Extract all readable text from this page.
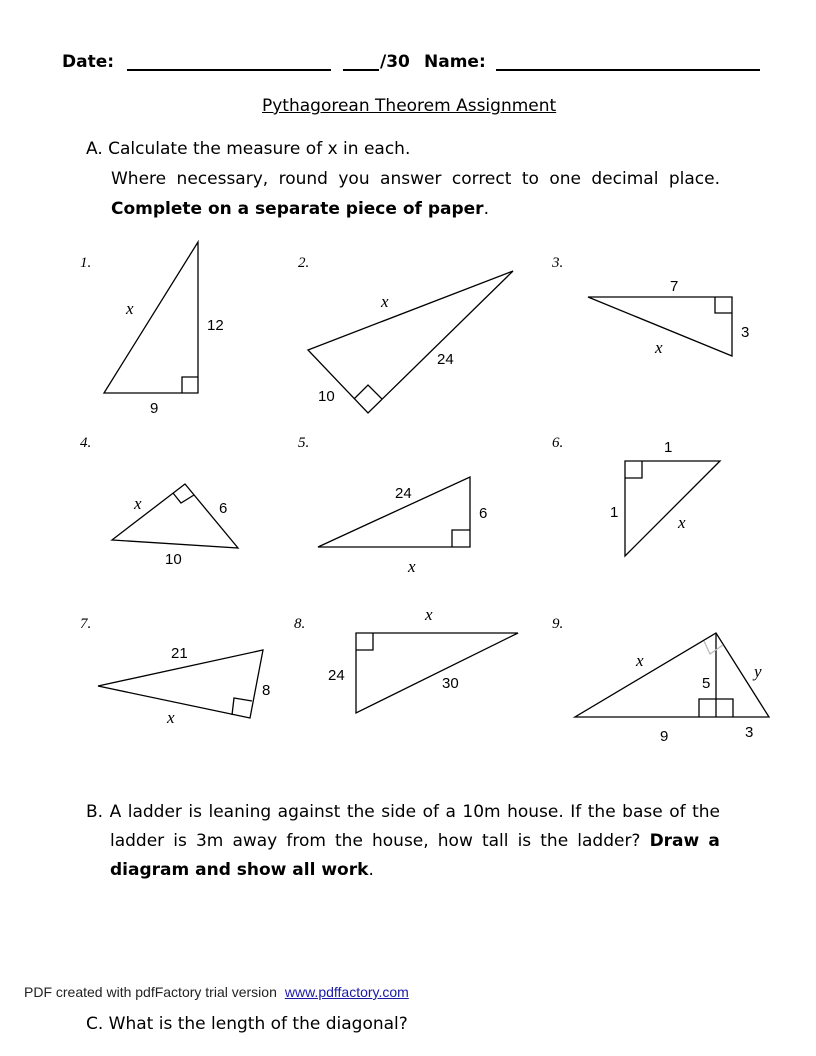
Date:	/30 Name:
Pythagorean Theorem Assignment
A. Calculate the measure of x in each.
Where necessary, round you answer correct to one decimal place.
Complete on a separate piece of paper.
1.	2.	3.
4.	5.	6.
7.	8.	9.
x
12
9
x
24
10
7
3
x
x	6
10
24
6
x
1
1
x
21
8
x
x
24	30
x
y
5
9	3
B. A ladder is leaning against the side of a 10m house. If the base of the
ladder is 3m away from the house, how tall is the ladder? Draw a
diagram and show all work.
PDF created with pdfFactory trial version www.pdffactory.com
C. What is the length of the diagonal?
